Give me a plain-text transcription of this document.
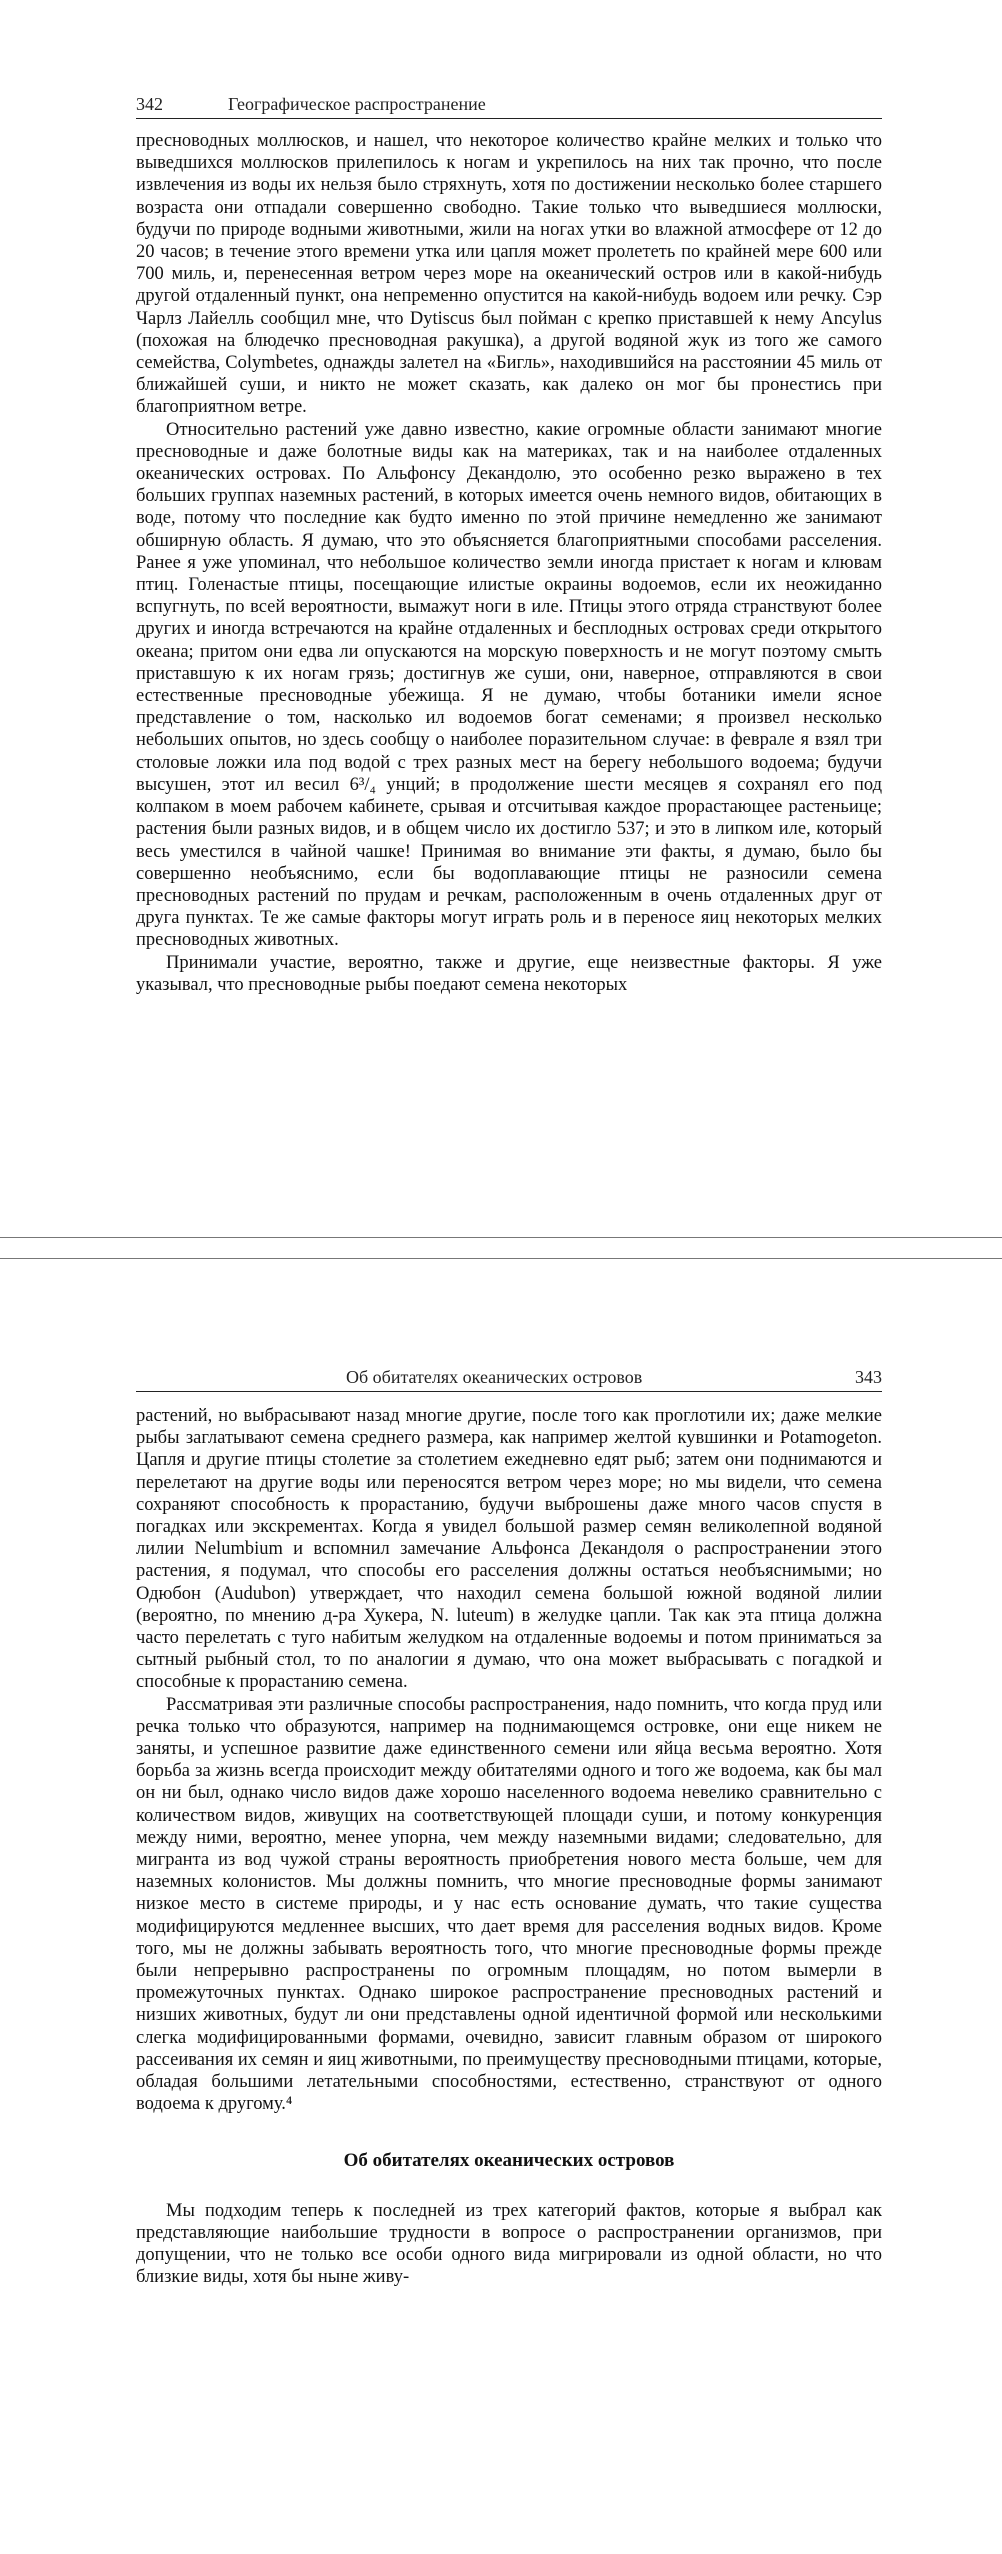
342	Географическое распространение

пресноводных моллюсков, и нашел, что некоторое количество крайне мелких и только что выведшихся моллюсков прилепилось к ногам и укрепилось на них так прочно, что после извлечения из воды их нельзя было стряхнуть, хотя по достижении несколько более старшего возраста они отпадали совершенно свободно. Такие только что выведшиеся моллюски, будучи по природе водными животными, жили на ногах утки во влажной атмосфере от 12 до 20 часов; в течение этого времени утка или цапля может пролететь по крайней мере 600 или 700 миль, и, перенесенная ветром через море на океанический остров или в какой-нибудь другой отдаленный пункт, она непременно опустится на какой-нибудь водоем или речку. Сэр Чарлз Лайелль сообщил мне, что Dytiscus был пойман с крепко приставшей к нему Ancylus (похожая на блюдечко пресноводная ракушка), а другой водяной жук из того же самого семейства, Colymbetes, однажды залетел на «Бигль», находившийся на расстоянии 45 миль от ближайшей суши, и никто не может сказать, как далеко он мог бы пронестись при благоприятном ветре.

Относительно растений уже давно известно, какие огромные области занимают многие пресноводные и даже болотные виды как на материках, так и на наиболее отдаленных океанических островах. По Альфонсу Декандолю, это особенно резко выражено в тех больших группах наземных растений, в которых имеется очень немного видов, обитающих в воде, потому что последние как будто именно по этой причине немедленно же занимают обширную область. Я думаю, что это объясняется благоприятными способами расселения. Ранее я уже упоминал, что небольшое количество земли иногда пристает к ногам и клювам птиц. Голенастые птицы, посещающие илистые окраины водоемов, если их неожиданно вспугнуть, по всей вероятности, вымажут ноги в иле. Птицы этого отряда странствуют более других и иногда встречаются на крайне отдаленных и бесплодных островах среди открытого океана; притом они едва ли опускаются на морскую поверхность и не могут поэтому смыть приставшую к их ногам грязь; достигнув же суши, они, наверное, отправляются в свои естественные пресноводные убежища. Я не думаю, чтобы ботаники имели ясное представление о том, насколько ил водоемов богат семенами; я произвел несколько небольших опытов, но здесь сообщу о наиболее поразительном случае: в феврале я взял три столовые ложки ила под водой с трех разных мест на берегу небольшого водоема; будучи высушен, этот ил весил 6³/₄ унций; в продолжение шести месяцев я сохранял его под колпаком в моем рабочем кабинете, срывая и отсчитывая каждое прорастающее растеньице; растения были разных видов, и в общем число их достигло 537; и это в липком иле, который весь уместился в чайной чашке! Принимая во внимание эти факты, я думаю, было бы совершенно необъяснимо, если бы водоплавающие птицы не разносили семена пресноводных растений по прудам и речкам, расположенным в очень отдаленных друг от друга пунктах. Те же самые факторы могут играть роль и в переносе яиц некоторых мелких пресноводных животных.

Принимали участие, вероятно, также и другие, еще неизвестные факторы. Я уже указывал, что пресноводные рыбы поедают семена некоторых

Об обитателях океанических островов	343

растений, но выбрасывают назад многие другие, после того как проглотили их; даже мелкие рыбы заглатывают семена среднего размера, как например желтой кувшинки и Potamogeton. Цапля и другие птицы столетие за столетием ежедневно едят рыб; затем они поднимаются и перелетают на другие воды или переносятся ветром через море; но мы видели, что семена сохраняют способность к прорастанию, будучи выброшены даже много часов спустя в погадках или экскрементах. Когда я увидел большой размер семян великолепной водяной лилии Nelumbium и вспомнил замечание Альфонса Декандоля о распространении этого растения, я подумал, что способы его расселения должны остаться необъяснимыми; но Одюбон (Audubon) утверждает, что находил семена большой южной водяной лилии (вероятно, по мнению д-ра Хукера, N. luteum) в желудке цапли. Так как эта птица должна часто перелетать с туго набитым желудком на отдаленные водоемы и потом приниматься за сытный рыбный стол, то по аналогии я думаю, что она может выбрасывать с погадкой и способные к прорастанию семена.

Рассматривая эти различные способы распространения, надо помнить, что когда пруд или речка только что образуются, например на поднимающемся островке, они еще никем не заняты, и успешное развитие даже единственного семени или яйца весьма вероятно. Хотя борьба за жизнь всегда происходит между обитателями одного и того же водоема, как бы мал он ни был, однако число видов даже хорошо населенного водоема невелико сравнительно с количеством видов, живущих на соответствующей площади суши, и потому конкуренция между ними, вероятно, менее упорна, чем между наземными видами; следовательно, для мигранта из вод чужой страны вероятность приобретения нового места больше, чем для наземных колонистов. Мы должны помнить, что многие пресноводные формы занимают низкое место в системе природы, и у нас есть основание думать, что такие существа модифицируются медленнее высших, что дает время для расселения водных видов. Кроме того, мы не должны забывать вероятность того, что многие пресноводные формы прежде были непрерывно распространены по огромным площадям, но потом вымерли в промежуточных пунктах. Однако широкое распространение пресноводных растений и низших животных, будут ли они представлены одной идентичной формой или несколькими слегка модифицированными формами, очевидно, зависит главным образом от широкого рассеивания их семян и яиц животными, по преимуществу пресноводными птицами, которые, обладая большими летательными способностями, естественно, странствуют от одного водоема к другому.⁴

Об обитателях океанических островов

Мы подходим теперь к последней из трех категорий фактов, которые я выбрал как представляющие наибольшие трудности в вопросе о распространении организмов, при допущении, что не только все особи одного вида мигрировали из одной области, но что близкие виды, хотя бы ныне живу-
